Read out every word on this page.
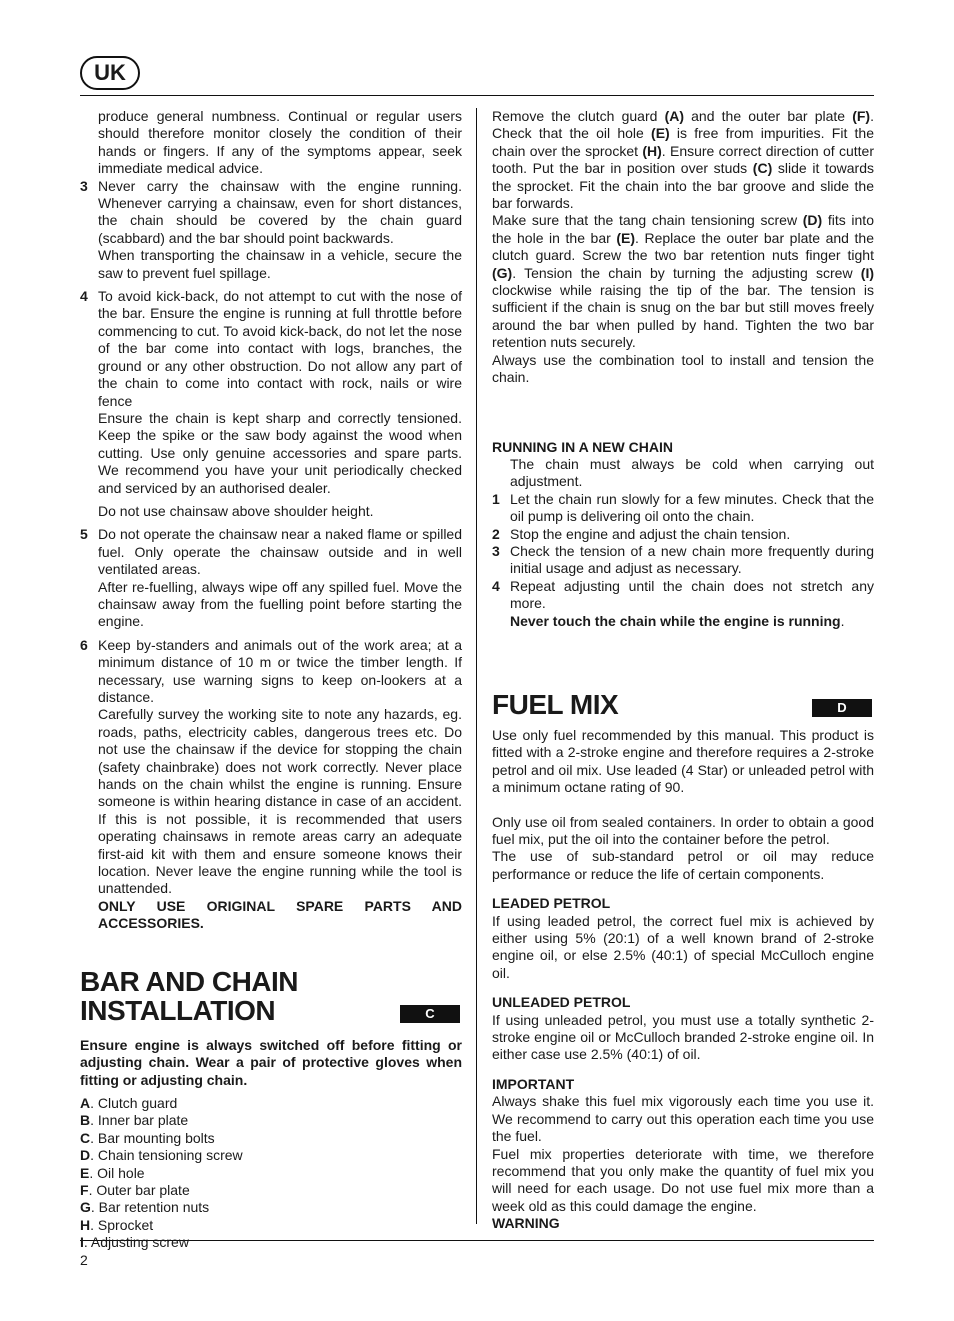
UK
2

produce general numbness. Continual or regular users should therefore monitor closely the condition of their hands or fingers. If any of the symptoms appear, seek immediate medical advice.

3 Never carry the chainsaw with the engine running. Whenever carrying a chainsaw, even for short distances, the chain should be covered by the chain guard (scabbard) and the bar should point backwards.

When transporting the chainsaw in a vehicle, secure the saw to prevent fuel spillage.

4 To avoid kick-back, do not attempt to cut with the nose of the bar. Ensure the engine is running at full throttle before commencing to cut. To avoid kick-back, do not let the nose of the bar come into contact with logs, branches, the ground or any other obstruction. Do not allow any part of the chain to come into contact with rock, nails or wire fence

Ensure the chain is kept sharp and correctly tensioned. Keep the spike or the saw body against the wood when cutting. Use only genuine accessories and spare parts. We recommend you have your unit periodically checked and serviced by an authorised dealer.

Do not use chainsaw above shoulder height.

5 Do not operate the chainsaw near a naked flame or spilled fuel. Only operate the chainsaw outside and in well ventilated areas.

After re-fuelling, always wipe off any spilled fuel. Move the chainsaw away from the fuelling point before starting the engine.

6 Keep by-standers and animals out of the work area; at a minimum distance of 10 m or twice the timber length. If necessary, use warning signs to keep on-lookers at a distance.

Carefully survey the working site to note any hazards, eg. roads, paths, electricity cables, dangerous trees etc. Do not use the chainsaw if the device for stopping the chain (safety chainbrake) does not work correctly. Never place hands on the chain whilst the engine is running. Ensure someone is within hearing distance in case of an accident. If this is not possible, it is recommended that users operating chainsaws in remote areas carry an adequate first-aid kit with them and ensure someone knows their location. Never leave the engine running while the tool is unattended.

ONLY USE ORIGINAL SPARE PARTS AND ACCESSORIES.

BAR AND CHAIN
INSTALLATION	C

Ensure engine is always switched off before fitting or adjusting chain. Wear a pair of protective gloves when fitting or adjusting chain.

A. Clutch guard
B. Inner bar plate
C. Bar mounting bolts
D. Chain tensioning screw
E. Oil hole
F. Outer bar plate
G. Bar retention nuts
H. Sprocket
I. Adjusting screw

Remove the clutch guard (A) and the outer bar plate (F). Check that the oil hole (E) is free from impurities. Fit the chain over the sprocket (H). Ensure correct direction of cutter tooth. Put the bar in position over studs (C) slide it towards the sprocket. Fit the chain into the bar groove and slide the bar forwards.

Make sure that the tang chain tensioning screw (D) fits into the hole in the bar (E). Replace the outer bar plate and the clutch guard. Screw the two bar retention nuts finger tight (G). Tension the chain by turning the adjusting screw (I) clockwise while raising the tip of the bar. The tension is sufficient if the chain is snug on the bar but still moves freely around the bar when pulled by hand. Tighten the two bar retention nuts securely.

Always use the combination tool to install and tension the chain.

RUNNING IN A NEW CHAIN

The chain must always be cold when carrying out adjustment.

1 Let the chain run slowly for a few minutes. Check that the oil pump is delivering oil onto the chain.
2 Stop the engine and adjust the chain tension.
3 Check the tension of a new chain more frequently during initial usage and adjust as necessary.
4 Repeat adjusting until the chain does not stretch any more.

Never touch the chain while the engine is running.

FUEL MIX	D

Use only fuel recommended by this manual. This product is fitted with a 2-stroke engine and therefore requires a 2-stroke petrol and oil mix. Use leaded (4 Star) or unleaded petrol with a minimum octane rating of 90.

Only use oil from sealed containers. In order to obtain a good fuel mix, put the oil into the container before the petrol.

The use of sub-standard petrol or oil may reduce performance or reduce the life of certain components.

LEADED PETROL

If using leaded petrol, the correct fuel mix is achieved by either using 5% (20:1) of a well known brand of 2-stroke engine oil, or else 2.5% (40:1) of special McCulloch engine oil.

UNLEADED PETROL

If using unleaded petrol, you must use a totally synthetic 2-stroke engine oil or McCulloch branded 2-stroke engine oil. In either case use 2.5% (40:1) of oil.

IMPORTANT

Always shake this fuel mix vigorously each time you use it. We recommend to carry out this operation each time you use the fuel.

Fuel mix properties deteriorate with time, we therefore recommend that you only make the quantity of fuel mix you will need for each usage. Do not use fuel mix more than a week old as this could damage the engine.

WARNING
